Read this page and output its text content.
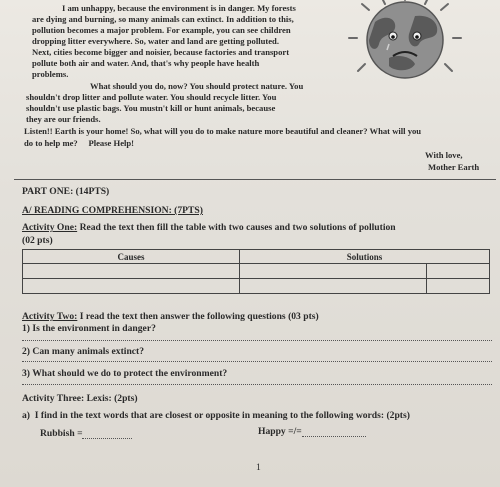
I am unhappy, because the environment is in danger. My forests
are dying and burning, so many animals can extinct. In addition to this,
pollution becomes a major problem. For example, you can see children
dropping litter everywhere. So, water and land are getting polluted.
Next, cities become bigger and noisier, because factories and transport
pollute both air and water. And, that's why people have health
problems.
What should you do, now? You should protect nature. You
shouldn't drop litter and pollute water. You should recycle litter. You
shouldn't use plastic bags. You mustn't kill or hunt animals, because
they are our friends.
Listen!! Earth is your home! So, what will you do to make nature more beautiful and cleaner? What will you
do to help me?     Please Help!
With love,
Mother Earth
PART ONE: (14PTS)
A/ READING COMPREHENSION: (7PTS)
Activity One: Read the text then fill the table with two causes and two solutions of pollution
(02 pts)
Causes	Solutions	

Activity Two: I read the text then answer the following questions (03 pts)
1) Is the environment in danger?
2) Can many animals extinct?
3) What should we do to protect the environment?
Activity Three: Lexis: (2pts)
a)  I find in the text words that are closest or opposite in meaning to the following words: (2pts)
Rubbish =	Happy =/=
1
